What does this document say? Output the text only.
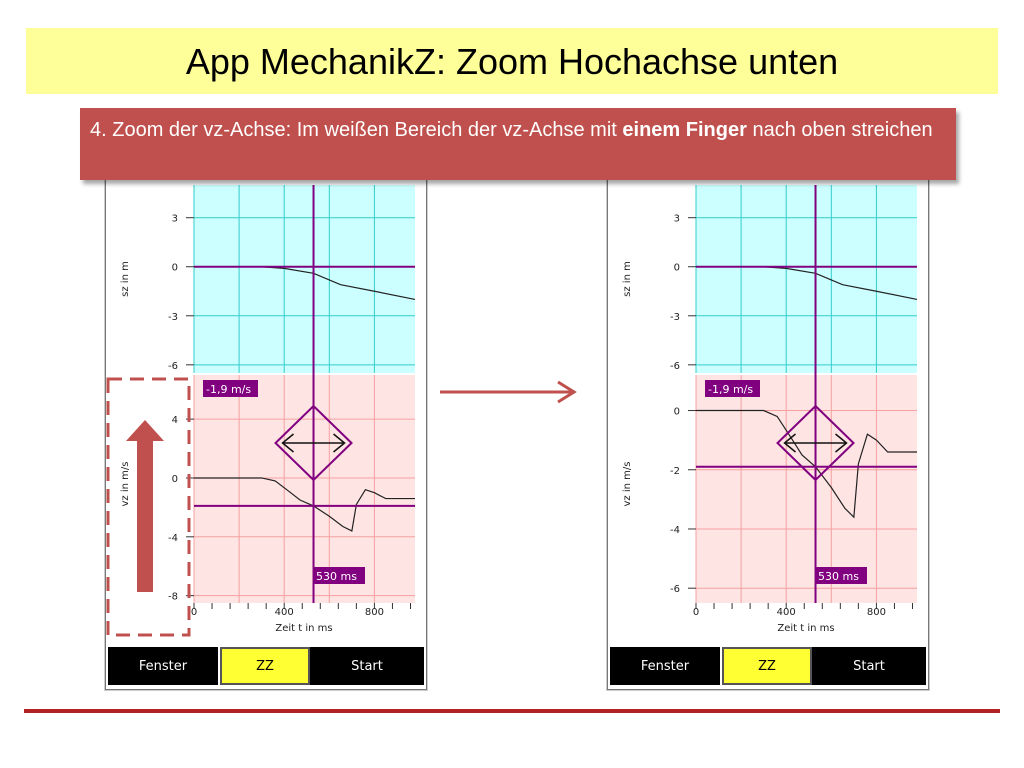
App MechanikZ: Zoom Hochachse unten
3
0
-3
-6
4
0
-4
-8
0	400	800
sz in m
vz in m/s
Zeit t in ms
-1,9 m/s
530 ms
Fenster	ZZ	Start
3
0
-3
-6
0
-2
-4
-6
0	400	800
sz in m
vz in m/s
Zeit t in ms
-1,9 m/s
530 ms
Fenster	ZZ	Start
4. Zoom der vz-Achse: Im weißen Bereich der vz-Achse mit einem Finger nach oben streichen
